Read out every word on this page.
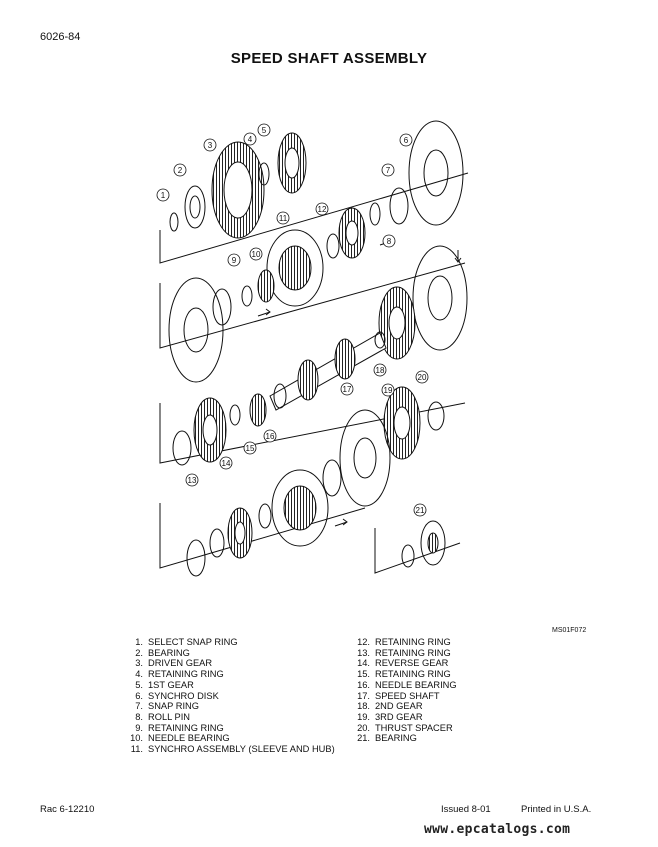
6026-84
SPEED SHAFT ASSEMBLY
1
2
3
4
5
6
7
8
9
10
11
12
13
14
15
16
17
18
19
20
21
MS01F072
1. SELECT SNAP RING
2. BEARING
3. DRIVEN GEAR
4. RETAINING RING
5. 1ST GEAR
6. SYNCHRO DISK
7. SNAP RING
8. ROLL PIN
9. RETAINING RING
10. NEEDLE BEARING
11. SYNCHRO ASSEMBLY (SLEEVE AND HUB)
12. RETAINING RING
13. RETAINING RING
14. REVERSE GEAR
15. RETAINING RING
16. NEEDLE BEARING
17. SPEED SHAFT
18. 2ND GEAR
19. 3RD GEAR
20. THRUST SPACER
21. BEARING
Rac 6-12210	Issued 8-01	Printed in U.S.A.
www.epcatalogs.com
